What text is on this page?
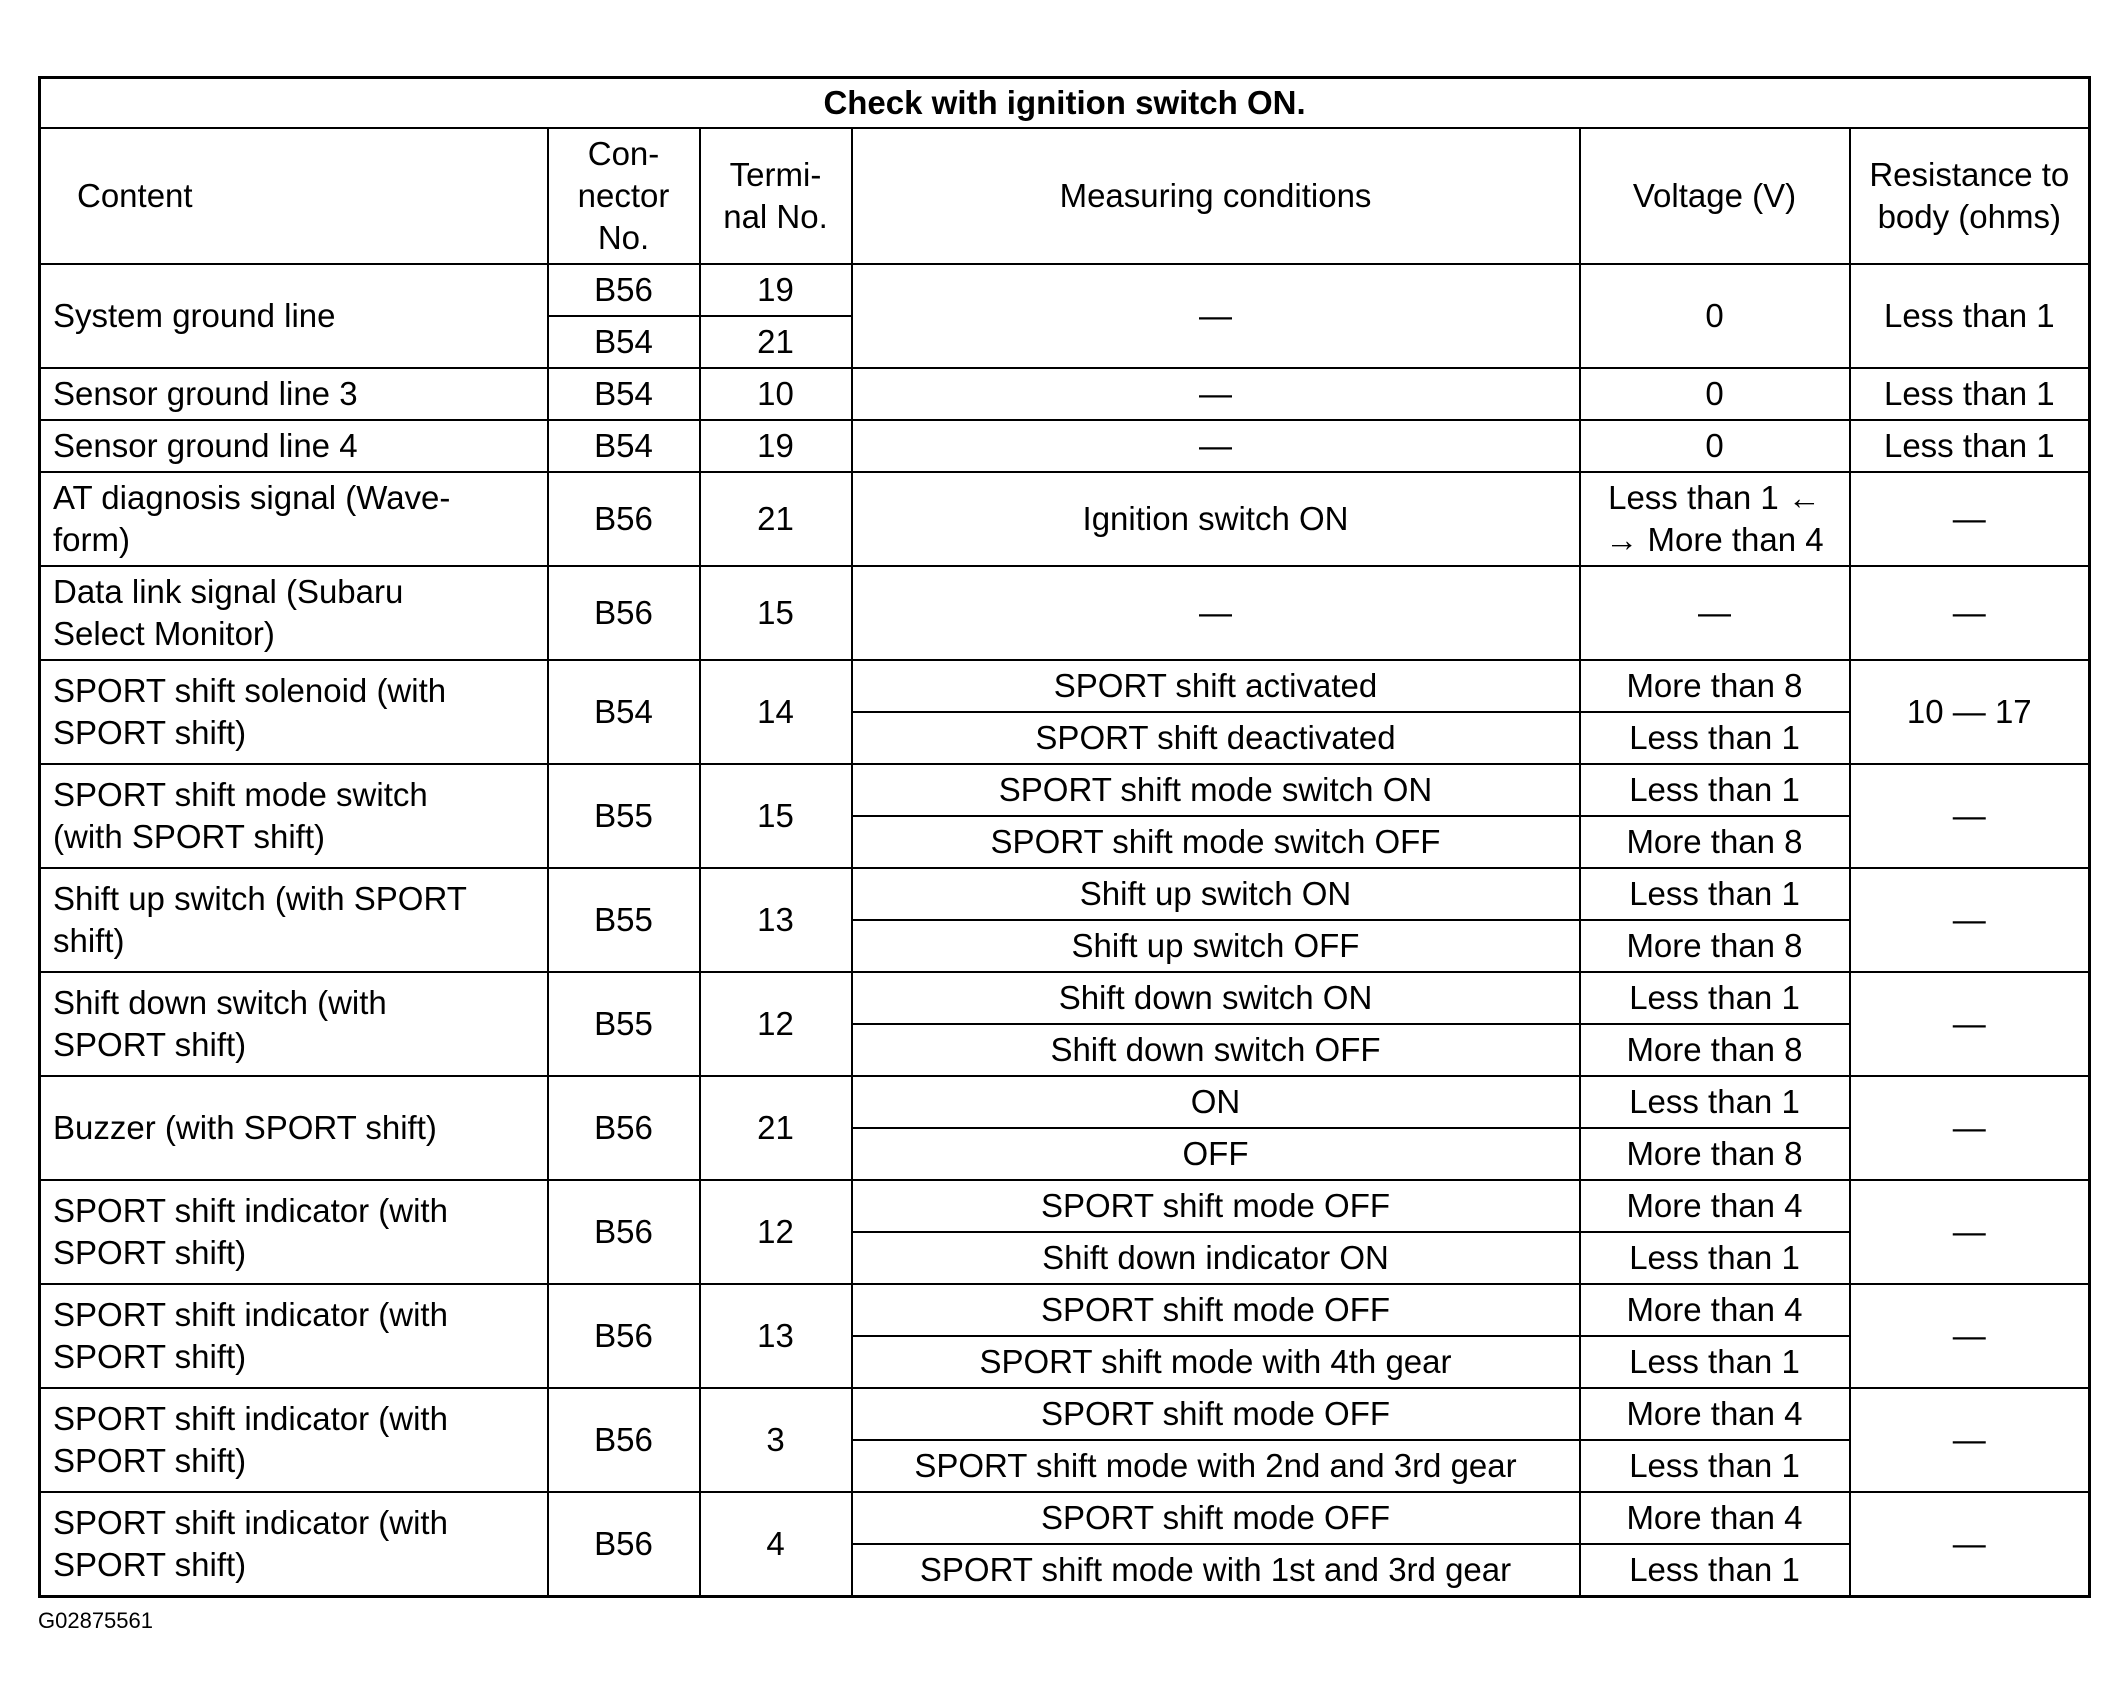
Check with ignition switch ON.					
Content	Con-
nector
No.	Termi-
nal No.	Measuring conditions	Voltage (V)	Resistance to
body (ohms)
System ground line	B56	19	—	0	Less than 1
	B54	21			
Sensor ground line 3	B54	10	—	0	Less than 1
Sensor ground line 4	B54	19	—	0	Less than 1
AT diagnosis signal (Wave-
form)	B56	21	Ignition switch ON	Less than 1 ←
→ More than 4	—
Data link signal (Subaru
Select Monitor)	B56	15	—	—	—
SPORT shift solenoid (with
SPORT shift)	B54	14	SPORT shift activated	More than 8	10 — 17
			SPORT shift deactivated	Less than 1	
SPORT shift mode switch
(with SPORT shift)	B55	15	SPORT shift mode switch ON	Less than 1	—
			SPORT shift mode switch OFF	More than 8	
Shift up switch (with SPORT
shift)	B55	13	Shift up switch ON	Less than 1	—
			Shift up switch OFF	More than 8	
Shift down switch (with
SPORT shift)	B55	12	Shift down switch ON	Less than 1	—
			Shift down switch OFF	More than 8	
Buzzer (with SPORT shift)	B56	21	ON	Less than 1	—
			OFF	More than 8	
SPORT shift indicator (with
SPORT shift)	B56	12	SPORT shift mode OFF	More than 4	—
			Shift down indicator ON	Less than 1	
SPORT shift indicator (with
SPORT shift)	B56	13	SPORT shift mode OFF	More than 4	—
			SPORT shift mode with 4th gear	Less than 1	
SPORT shift indicator (with
SPORT shift)	B56	3	SPORT shift mode OFF	More than 4	—
			SPORT shift mode with 2nd and 3rd gear	Less than 1	
SPORT shift indicator (with
SPORT shift)	B56	4	SPORT shift mode OFF	More than 4	—
			SPORT shift mode with 1st and 3rd gear	Less than 1	
G02875561
